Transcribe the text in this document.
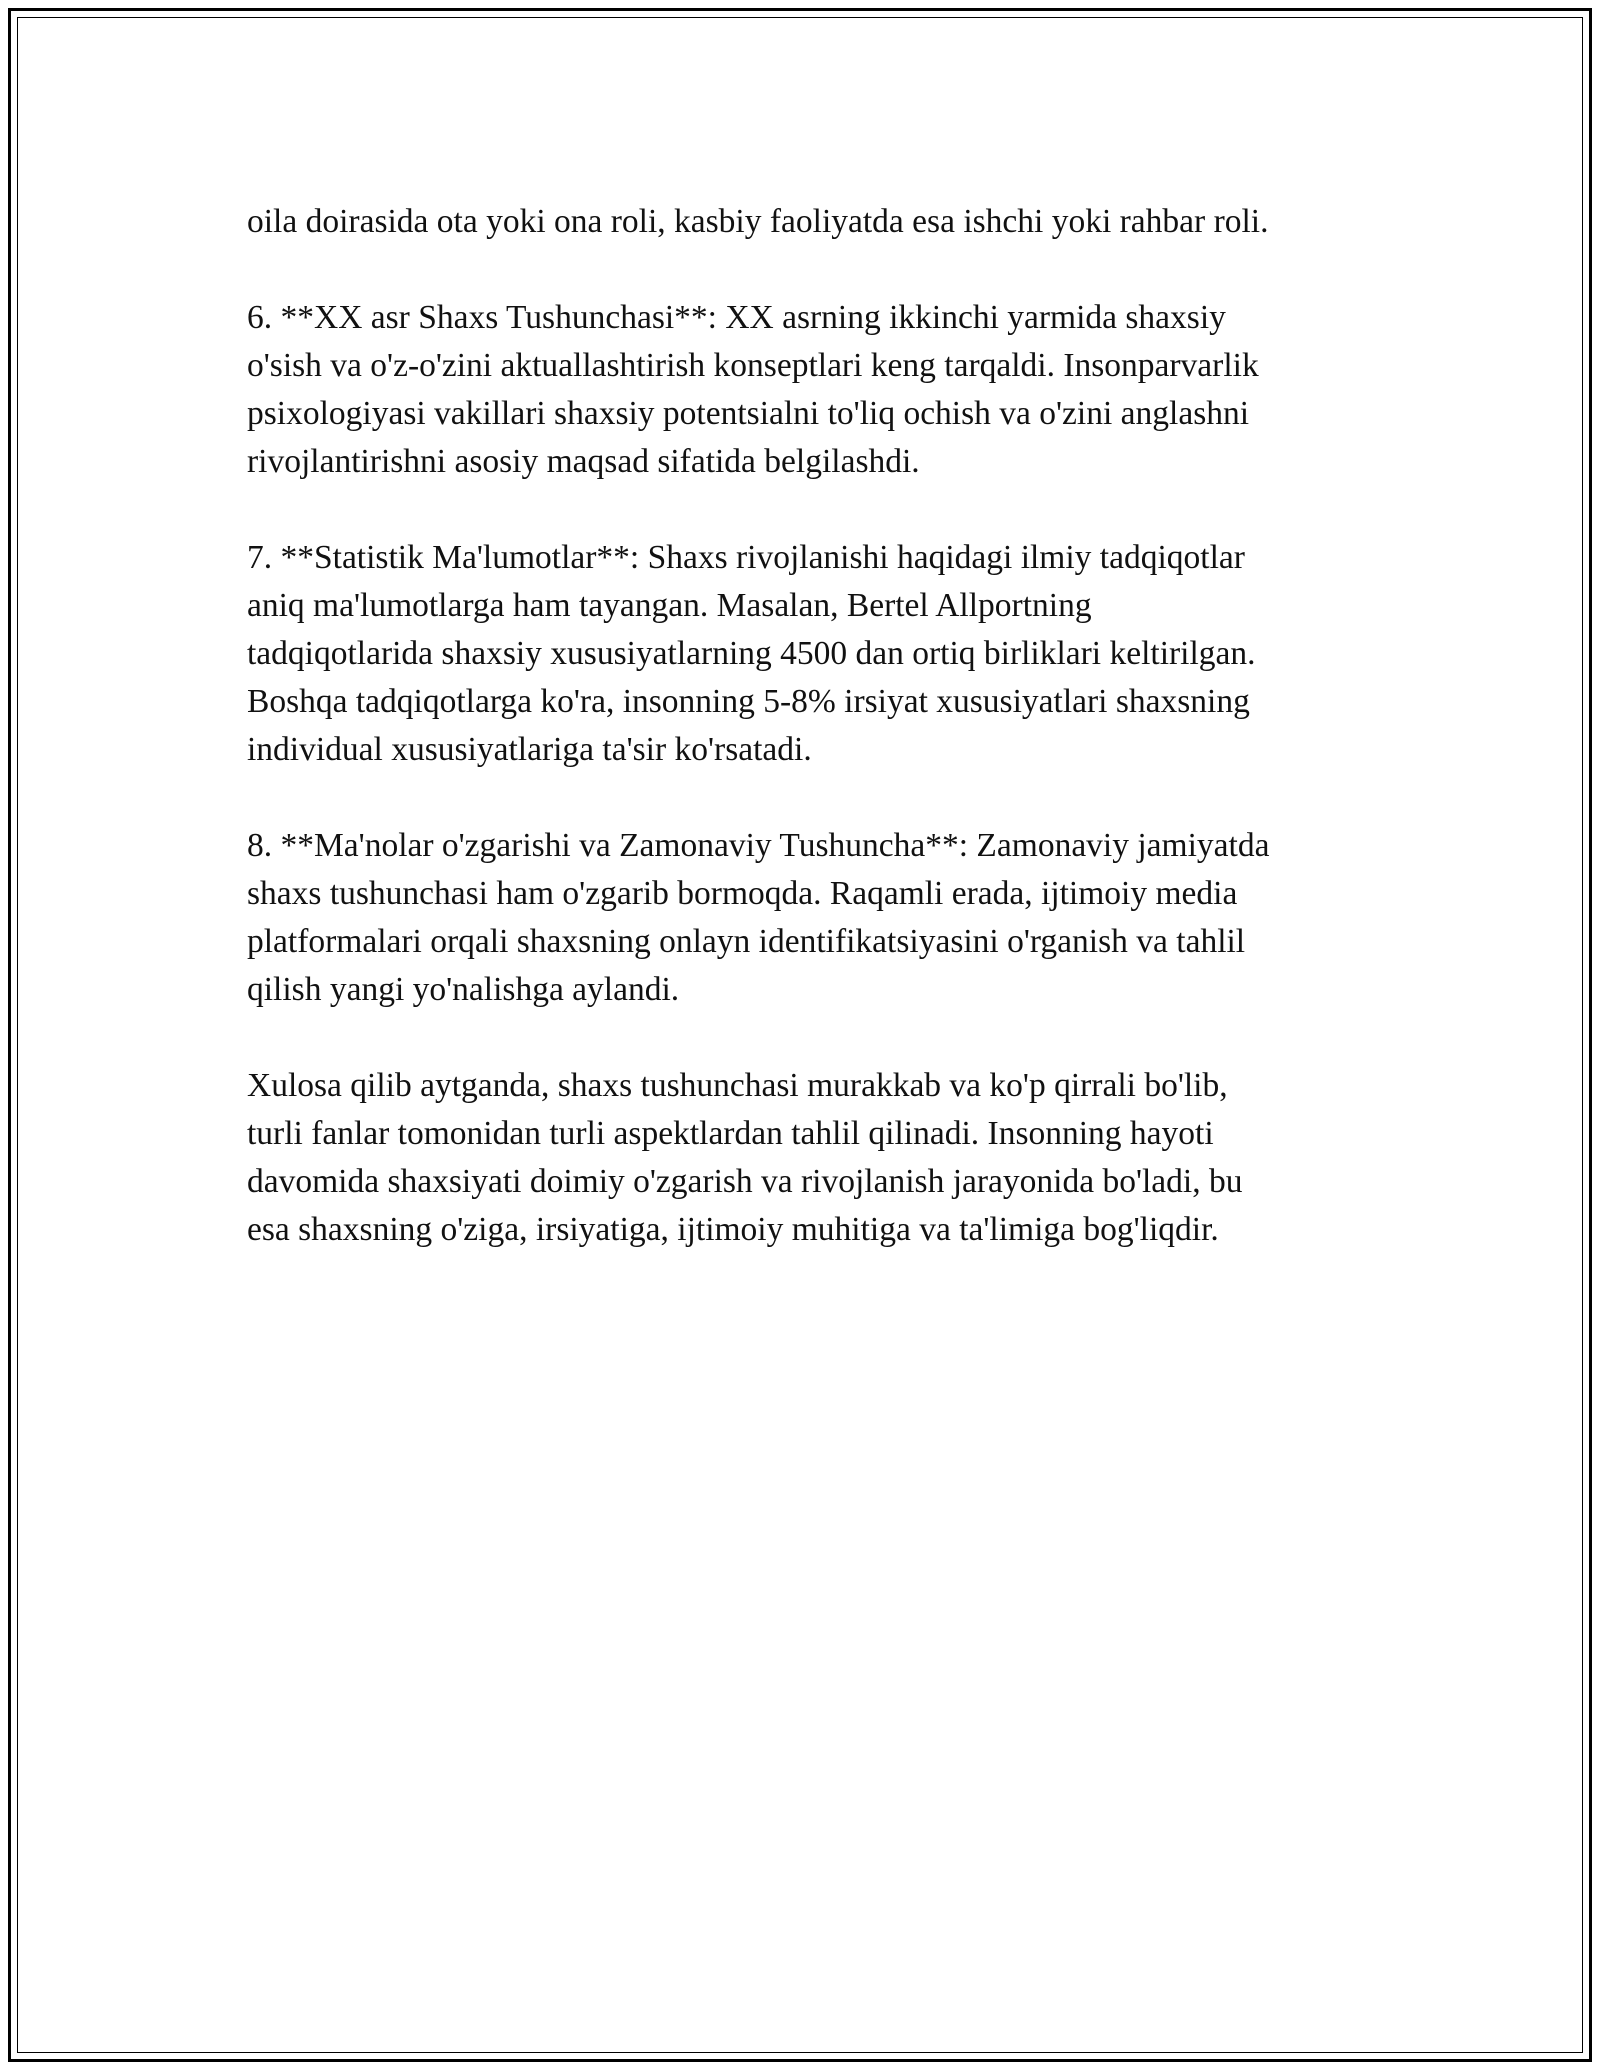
oila doirasida ota yoki ona roli, kasbiy faoliyatda esa ishchi yoki rahbar roli.
6. **XX asr Shaxs Tushunchasi**: XX asrning ikkinchi yarmida shaxsiy
o'sish va o'z-o'zini aktuallashtirish konseptlari keng tarqaldi. Insonparvarlik
psixologiyasi vakillari shaxsiy potentsialni to'liq ochish va o'zini anglashni
rivojlantirishni asosiy maqsad sifatida belgilashdi.
7. **Statistik Ma'lumotlar**: Shaxs rivojlanishi haqidagi ilmiy tadqiqotlar
aniq ma'lumotlarga ham tayangan. Masalan, Bertel Allportning
tadqiqotlarida shaxsiy xususiyatlarning 4500 dan ortiq birliklari keltirilgan.
Boshqa tadqiqotlarga ko'ra, insonning 5-8% irsiyat xususiyatlari shaxsning
individual xususiyatlariga ta'sir ko'rsatadi.
8. **Ma'nolar o'zgarishi va Zamonaviy Tushuncha**: Zamonaviy jamiyatda
shaxs tushunchasi ham o'zgarib bormoqda. Raqamli erada, ijtimoiy media
platformalari orqali shaxsning onlayn identifikatsiyasini o'rganish va tahlil
qilish yangi yo'nalishga aylandi.
Xulosa qilib aytganda, shaxs tushunchasi murakkab va ko'p qirrali bo'lib,
turli fanlar tomonidan turli aspektlardan tahlil qilinadi. Insonning hayoti
davomida shaxsiyati doimiy o'zgarish va rivojlanish jarayonida bo'ladi, bu
esa shaxsning o'ziga, irsiyatiga, ijtimoiy muhitiga va ta'limiga bog'liqdir.
